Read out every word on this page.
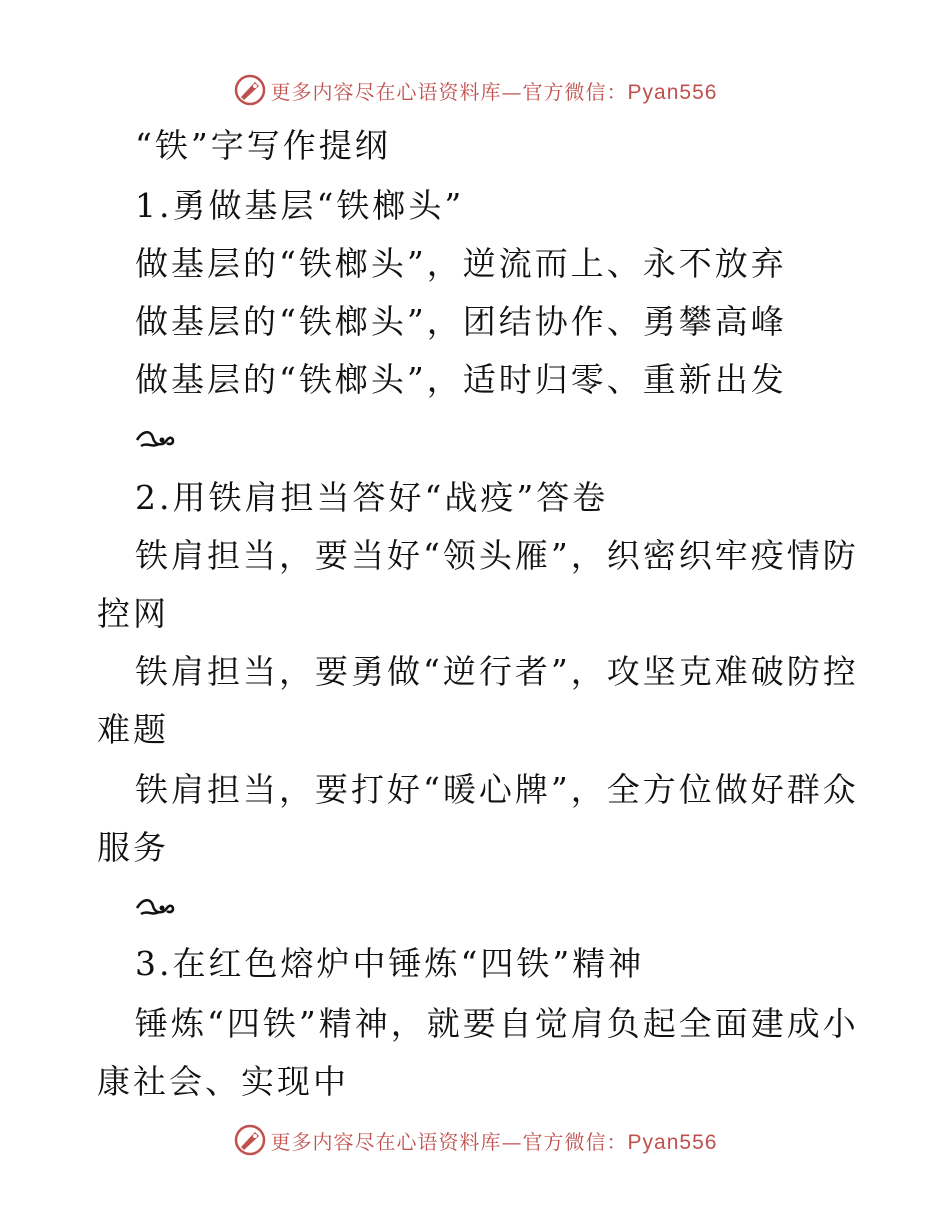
更多内容尽在心语资料库—官方微信：Pyan556
“铁”字写作提纲
1.勇做基层“铁榔头”
做基层的“铁榔头”，逆流而上、永不放弃
做基层的“铁榔头”，团结协作、勇攀高峰
做基层的“铁榔头”，适时归零、重新出发
2.用铁肩担当答好“战疫”答卷
铁肩担当，要当好“领头雁”，织密织牢疫情防
控网
铁肩担当，要勇做“逆行者”，攻坚克难破防控
难题
铁肩担当，要打好“暖心牌”，全方位做好群众
服务
3.在红色熔炉中锤炼“四铁”精神
锤炼“四铁”精神，就要自觉肩负起全面建成小
康社会、实现中
更多内容尽在心语资料库—官方微信：Pyan556
